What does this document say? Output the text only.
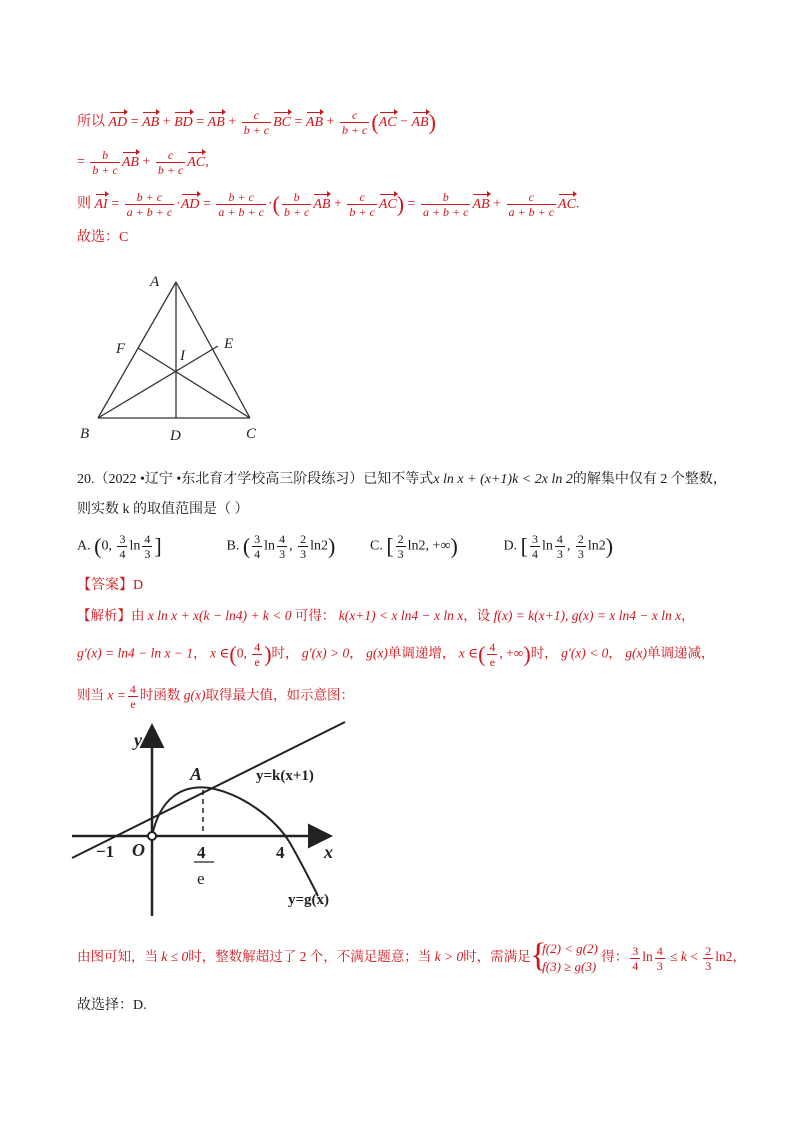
所以 AD = AB + BD = AB + $\frac{c}{b + c}$ BC = AB + $\frac{c}{b + c} (AC - AB)$
= $\frac{b}{b + c}$ AB + $\frac{c}{b + c}$ AC,
则 AI = $\frac{b + c}{a + b + c} \cdot AD = \frac{b + c}{a + b + c}$ ·( $\frac{b}{b + c}$ AB + $\frac{c}{b + c} AC) = \frac{b}{a + b + c}$ AB + $\frac{c}{a + b + c}$ AC.
故选：C
A
B	C
D
E
F	I
20.（2022 •辽宁 •东北育才学校高三阶段练习）已知不等式x ln x + (x+1)k < 2x ln 2的解集中仅有 2 个整数，
则实数 k 的取值范围是（ ）
A. (0, $\frac{3}{4}$ $\ln \frac{4}{3}$ ]	B. ( $\frac{3}{4}$ $\ln \frac{4}{3}$ , $\frac{2}{3} \ln 2$) C. [ $\frac{2}{3} \ln 2$, +∞)	D. [ $\frac{3}{4}$ $\ln \frac{4}{3}$ , $\frac{2}{3} \ln 2$)
【答案】D
【解析】由 x ln x + x(k − ln4) + k < 0 可得： k(x+1) < x ln4 − x ln x，设 f(x) = k(x+1), g(x) = x ln4 − x ln x，
g′(x) = ln4 − ln x − 1， x ∈(0, $\frac{4}{e}$ )时， g′(x) > 0， g(x)单调递增， x ∈( $\frac{4}{e}$ , +∞)时， g′(x) < 0， g(x)单调递减，
则当 $x = \frac{4}{e}$ 时函数 g(x)取得最大值，如示意图：
y
x
O
−1	4
e
4
A	y=k(x+1)
y=g(x)
由图可知，当 k ≤ 0时，整数解超过了 2 个，不满足题意；当 k > 0时，需满足
{ f(2) < g(2)
f(3) ≥ g(3)
得： $\frac{3}{4}$ $\ln \frac{4}{3} \le k < \frac{2}{3} \ln 2$，
故选择：D.
